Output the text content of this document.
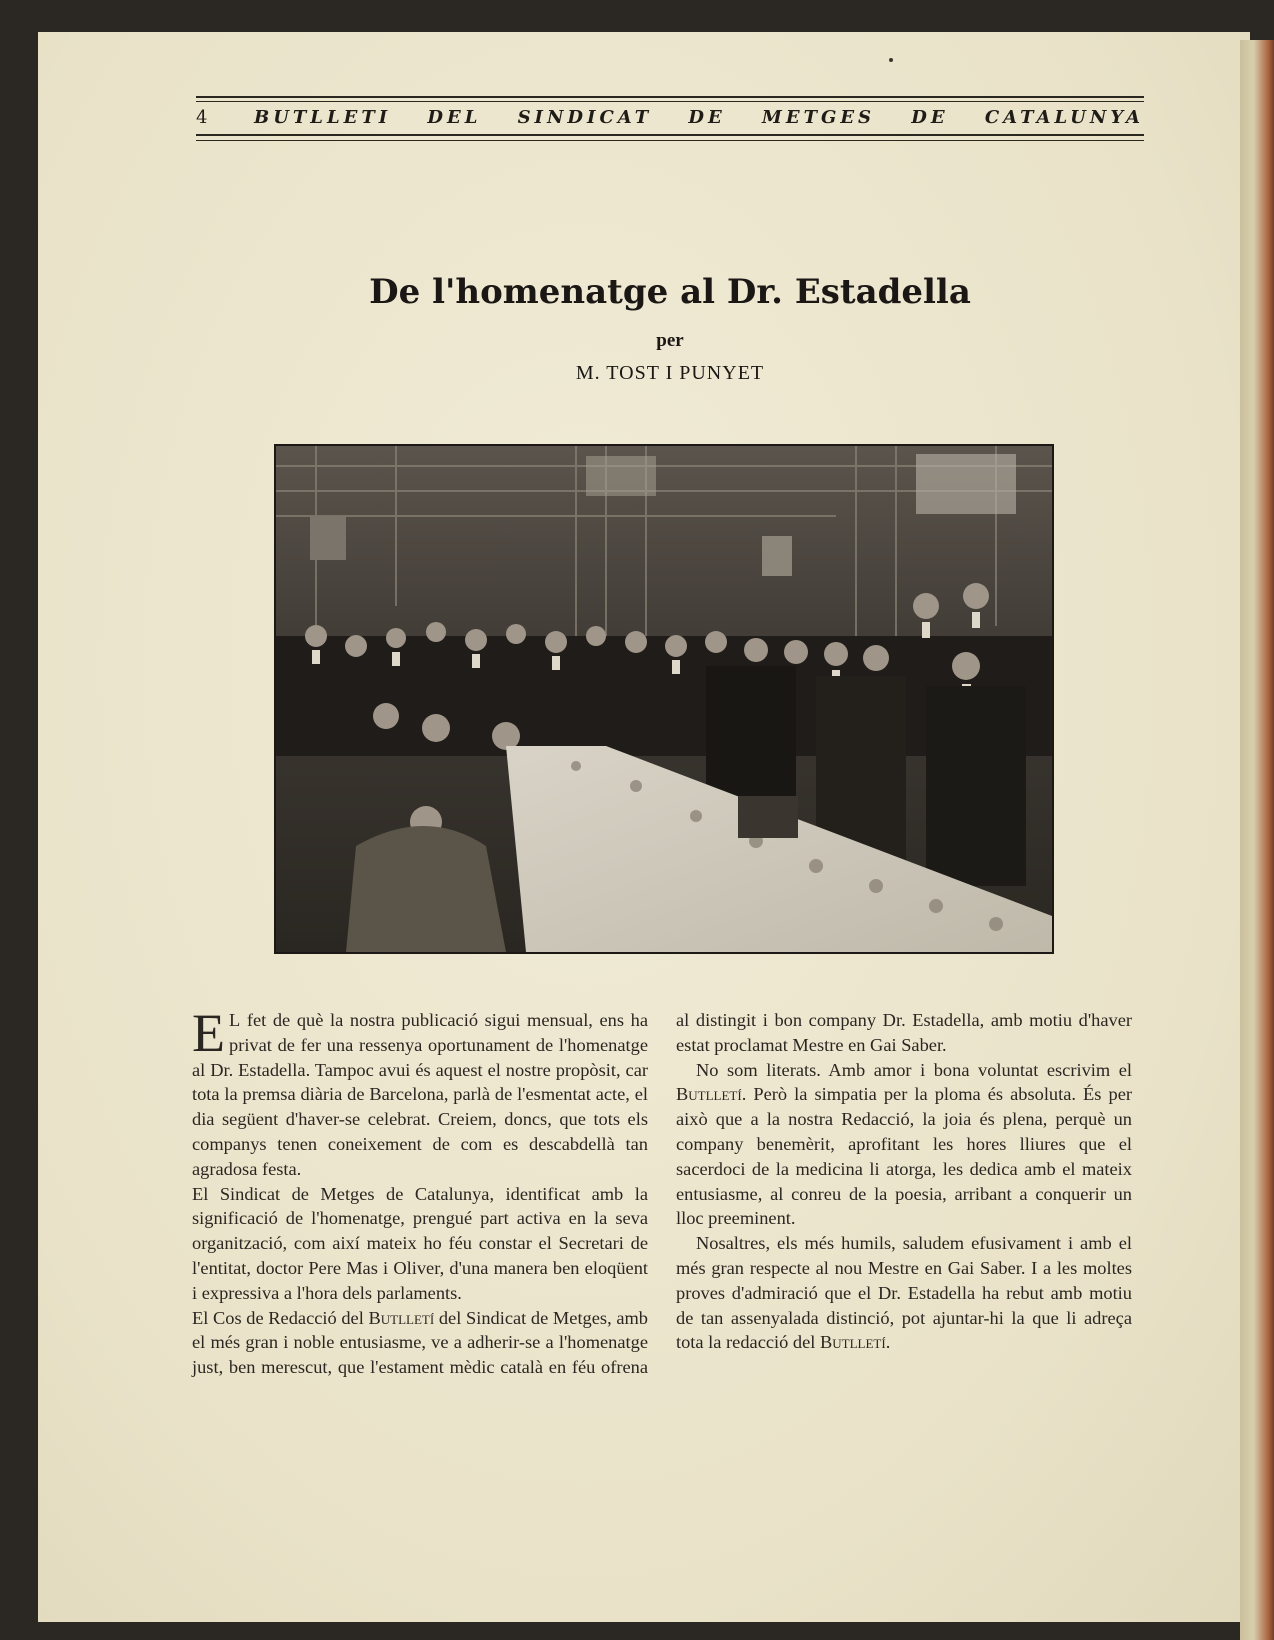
4	BUTLLETI DEL SINDICAT DE METGES DE CATALUNYA
De l'homenatge al Dr. Estadella
per
M. TOST I PUNYET

E L fet de què la nostra publicació sigui mensual, ens ha privat de fer una ressenya oportunament de l'homenatge al Dr. Estadella. Tampoc avui és aquest el nostre propòsit, car tota la premsa diària de Barcelona, parlà de l'esmentat acte, el dia següent d'haver-se celebrat. Creiem, doncs, que tots els companys tenen coneixement de com es descabdellà tan agradosa festa.

El Sindicat de Metges de Catalunya, identificat amb la significació de l'homenatge, prengué part activa en la seva organització, com així mateix ho féu constar el Secretari de l'entitat, doctor Pere Mas i Oliver, d'una manera ben eloqüent i expressiva a l'hora dels parlaments.

El Cos de Redacció del Butlletí del Sindicat de Metges, amb el més gran i noble entusiasme, ve a adherir-se a l'homenatge just, ben merescut, que l'estament mèdic català en féu ofrena al distingit i bon company Dr. Estadella, amb motiu d'haver estat proclamat Mestre en Gai Saber.

No som literats. Amb amor i bona voluntat escrivim el Butlletí. Però la simpatia per la ploma és absoluta. És per això que a la nostra Redacció, la joia és plena, perquè un company benemèrit, aprofitant les hores lliures que el sacerdoci de la medicina li atorga, les dedica amb el mateix entusiasme, al conreu de la poesia, arribant a conquerir un lloc preeminent.

Nosaltres, els més humils, saludem efusivament i amb el més gran respecte al nou Mestre en Gai Saber. I a les moltes proves d'admiració que el Dr. Estadella ha rebut amb motiu de tan assenyalada distinció, pot ajuntar-hi la que li adreça tota la redacció del Butlletí.
